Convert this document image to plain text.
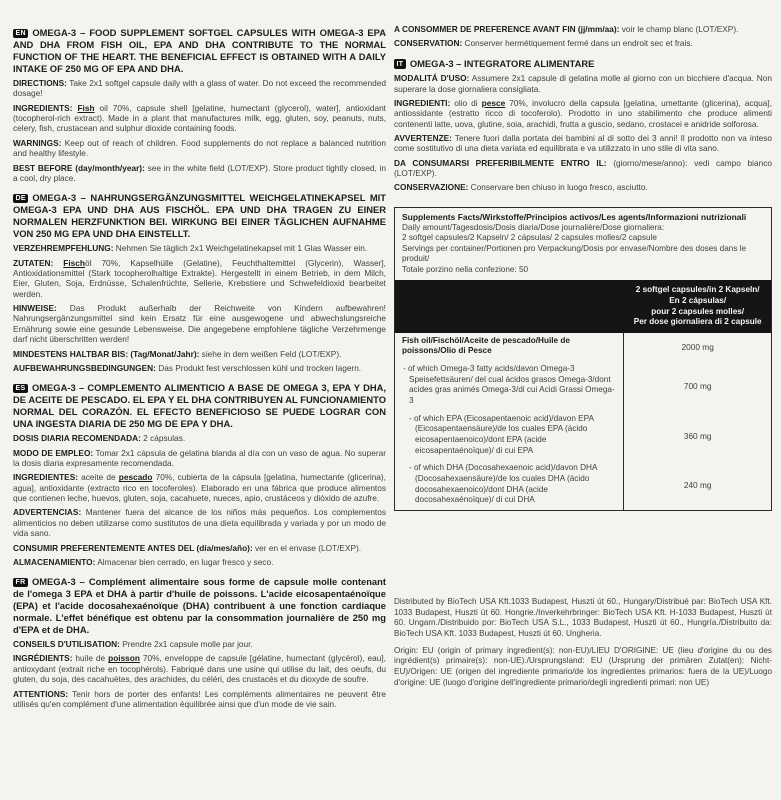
EN OMEGA-3 – FOOD SUPPLEMENT SOFTGEL CAPSULES WITH OMEGA-3 EPA AND DHA FROM FISH OIL, EPA AND DHA CONTRIBUTE TO THE NORMAL FUNCTION OF THE HEART. THE BENEFICIAL EFFECT IS OBTAINED WITH A DAILY INTAKE OF 250 MG OF EPA AND DHA.

DIRECTIONS: Take 2x1 softgel capsule daily with a glass of water. Do not exceed the recommended dosage!

INGREDIENTS: Fish oil 70%, capsule shell [gelatine, humectant (glycerol), water], antioxidant (tocopherol-rich extract). Made in a plant that manufactures milk, egg, gluten, soy, peanuts, nuts, celery, fish, crustacean and sulphur dioxide containing foods.

WARNINGS: Keep out of reach of children. Food supplements do not replace a balanced nutrition and healthy lifestyle.

BEST BEFORE (day/month/year): see in the white field (LOT/EXP). Store product tightly closed, in a cool, dry place.

DE OMEGA-3 – NAHRUNGSERGÄNZUNGSMITTEL WEICHGELATINEKAPSEL MIT OMEGA-3 EPA UND DHA AUS FISCHÖL. EPA UND DHA TRAGEN ZU EINER NORMALEN HERZFUNKTION BEI. WIRKUNG BEI EINER TÄGLICHEN AUFNAHME VON 250 MG EPA UND DHA EINSTELLT.

VERZEHREMPFEHLUNG: Nehmen Sie täglich 2x1 Weichgelatinekapsel mit 1 Glas Wasser ein.

ZUTATEN: Fischöl 70%, Kapselhülle (Gelatine), Feuchthaltemittel (Glycerin), Wasser], Antioxidationsmittel (Stark tocopherolhaltige Extrakte). Hergestellt in einem Betrieb, in dem Milch, Eier, Gluten, Soja, Erdnüsse, Schalenfrüchte, Sellerie, Krebstiere und Schwefeldioxid bearbeitet werden.

HINWEISE: Das Produkt außerhalb der Reichweite von Kindern aufbewahren! Nahrungsergänzungsmittel sind kein Ersatz für eine ausgewogene und abwechslungsreiche Ernährung sowie eine gesunde Lebensweise. Die angegebene empfohlene tägliche Verzehrmenge darf nicht überschritten werden!

MINDESTENS HALTBAR BIS: (Tag/Monat/Jahr): siehe in dem weißen Feld (LOT/EXP).

AUFBEWAHRUNGSBEDINGUNGEN: Das Produkt fest verschlossen kühl und trocken lagern.

ES OMEGA-3 – COMPLEMENTO ALIMENTICIO A BASE DE OMEGA 3, EPA Y DHA, DE ACEITE DE PESCADO. EL EPA Y EL DHA CONTRIBUYEN AL FUNCIONAMIENTO NORMAL DEL CORAZÓN. EL EFECTO BENEFICIOSO SE PUEDE LOGRAR CON UNA INGESTA DIARIA DE 250 MG DE EPA Y DHA.

DOSIS DIARIA RECOMENDADA: 2 cápsulas.

MODO DE EMPLEO: Tomar 2x1 cápsula de gelatina blanda al día con un vaso de agua. No superar la dosis diaria expresamente recomendada.

INGREDIENTES: aceite de pescado 70%, cubierta de la cápsula [gelatina, humectante (glicerina), agua], antioxidante (extracto rico en tocoferoles). Elaborado en una fábrica que produce alimentos que contienen leche, huevos, gluten, soja, cacahuete, nueces, apio, crustáceos y dióxido de azufre.

ADVERTENCIAS: Mantener fuera del alcance de los niños más pequeños. Los complementos alimenticios no deben utilizarse como sustitutos de una dieta equilibrada y variada y por un modo de vida sano.

CONSUMIR PREFERENTEMENTE ANTES DEL (día/mes/año): ver en el envase (LOT/EXP).

ALMACENAMIENTO: Almacenar bien cerrado, en lugar fresco y seco.

FR OMEGA-3 – Complément alimentaire sous forme de capsule molle contenant de l'omega 3 EPA et DHA à partir d'huile de poissons. L'acide eicosapentaénoïque (EPA) et l'acide docosahexaénoïque (DHA) contribuent à une fonction cardiaque normale. L'effet bénéfique est obtenu par la consommation journalière de 250 mg d'EPA et de DHA.

CONSEILS D'UTILISATION: Prendre 2x1 capsule molle par jour.

INGRÉDIENTS: huile de poisson 70%, enveloppe de capsule [gélatine, humectant (glycérol), eau], antioxydant (extrait riche en tocophérols). Fabriqué dans une usine qui utilise du lait, des oeufs, du gluten, du soja, des cacahuètes, des arachides, du céléri, des crustacés et du dioxyde de soufre.

ATTENTIONS: Tenir hors de porter des enfants! Les compléments alimentaires ne peuvent être utilisés qu'en complément d'une alimentation équilibrée ainsi que d'un mode de vie sain.

A CONSOMMER DE PREFERENCE AVANT FIN (jj/mm/aa): voir le champ blanc (LOT/EXP).

CONSERVATION: Conserver hermétiquement fermé dans un endroit sec et frais.

IT OMEGA-3 – INTEGRATORE ALIMENTARE

MODALITÁ D'USO: Assumere 2x1 capsule di gelatina molle al giorno con un bicchiere d'acqua. Non superare la dose giornaliera consigliata.

INGREDIENTI: olio di pesce 70%, involucro della capsula [gelatina, umettante (glicerina), acqua], antiossidante (estratto ricco di tocoferolo). Prodotto in uno stabilimento che produce alimenti contenenti latte, uova, glutine, soia, arachidi, frutta a guscio, sedano, crostacei e anidride solforosa.

AVVERTENZE: Tenere fuori dalla portata dei bambini al di sotto dei 3 anni! Il prodotto non va inteso come sostitutivo di una dieta variata ed equilibrata e va utilizzato in uno stile di vita sano.

DA CONSUMARSI PREFERIBILMENTE ENTRO IL: (giorno/mese/anno): vedi campo bianco (LOT/EXP).

CONSERVAZIONE: Conservare ben chiuso in luogo fresco, asciutto.

Supplements Facts/Wirkstoffe/Principios activos/Les agents/Informazioni nutrizionali
Daily amount/Tagesdosis/Dosis diaria/Dose journalière/Dose giornaliera:
2 softgel capsules/2 Kapseln/ 2 cápsulas/ 2 capsules molles/2 capsule
Servings per container/Portionen pro Verpackung/Dosis por envase/Nombre des doses dans le produit/
Totale porzino nella confezione: 50
2 softgel capsules/in 2 Kapseln/
En 2 cápsulas/
pour 2 capsules molles/
Per dose giornaliera di 2 capsule
Fish oil/Fischöl/Aceite de pescado/Huile de poissons/Olio di Pesce	2000 mg
- of which Omega-3 fatty acids/davon Omega-3 Speisefettsäuren/ del cual ácidos grasos Omega-3/dont acides gras animés Omega-3/di cui Acidi Grassi Omega-3
700 mg
- of which EPA (Eicosapentaenoic acid)/davon EPA (Eicosapentaensäure)/de los cuales EPA (ácido eicosapentaenoico)/dont EPA (acide eicosapentaénoïque)/ di cui EPA
360 mg
- of which DHA (Docosahexaenoic acid)/davon DHA (Docosahexaensäure)/de los cuales DHA (ácido docosahexaenoico)/dont DHA (acide docosahexaénoïque)/ di cui DHA
240 mg

Distributed by BioTech USA Kft.1033 Budapest, Huszti út 60., Hungary/Distribué par: BioTech USA Kft. 1033 Budapest, Huszti út 60. Hongrie./Inverkehrbringer: BioTech USA Kft. H-1033 Budapest, Huszti út 60. Ungarn./Distribuido por: BioTech USA S.L., 1033 Budapest, Huszti út 60., Hungría./Distribuito da: BioTech USA Kft. 1033 Budapest, Huszti út 60. Ungheria.

Origin: EU (origin of primary ingredient(s): non-EU)/LIEU D'ORIGINE: UE (lieu d'origine du ou des ingrédient(s) primaire(s): non-UE)./Ursprungsland: EU (Ursprung der primären Zutat(en): Nicht-EU)/Origen: UE (origen del ingrediente primario/de los ingredientes primarios: fuera de la UE)/Luogo d'origine: UE (luogo d'origine dell'ingrediente primario/degli ingredienti primari: non UE)
